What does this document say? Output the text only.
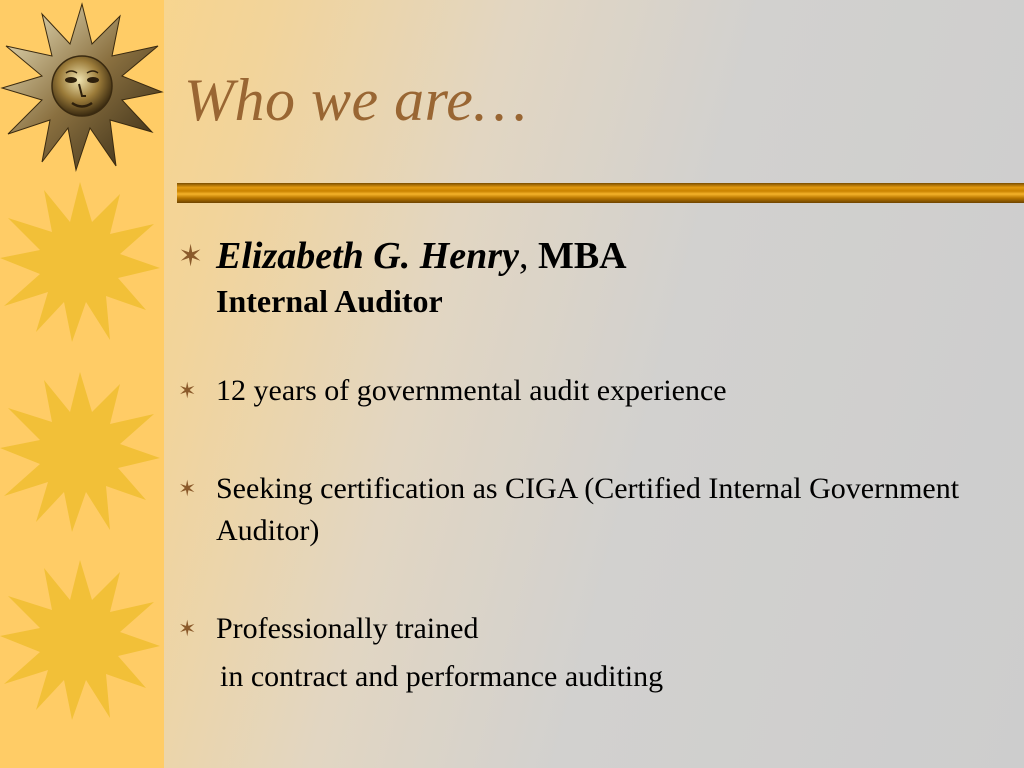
Who we are…
✶ Elizabeth G. Henry, MBA
Internal Auditor
✶ 12 years of governmental audit experience
✶ Seeking certification as CIGA (Certified Internal Government Auditor)
✶ Professionally trained
in contract and performance auditing
